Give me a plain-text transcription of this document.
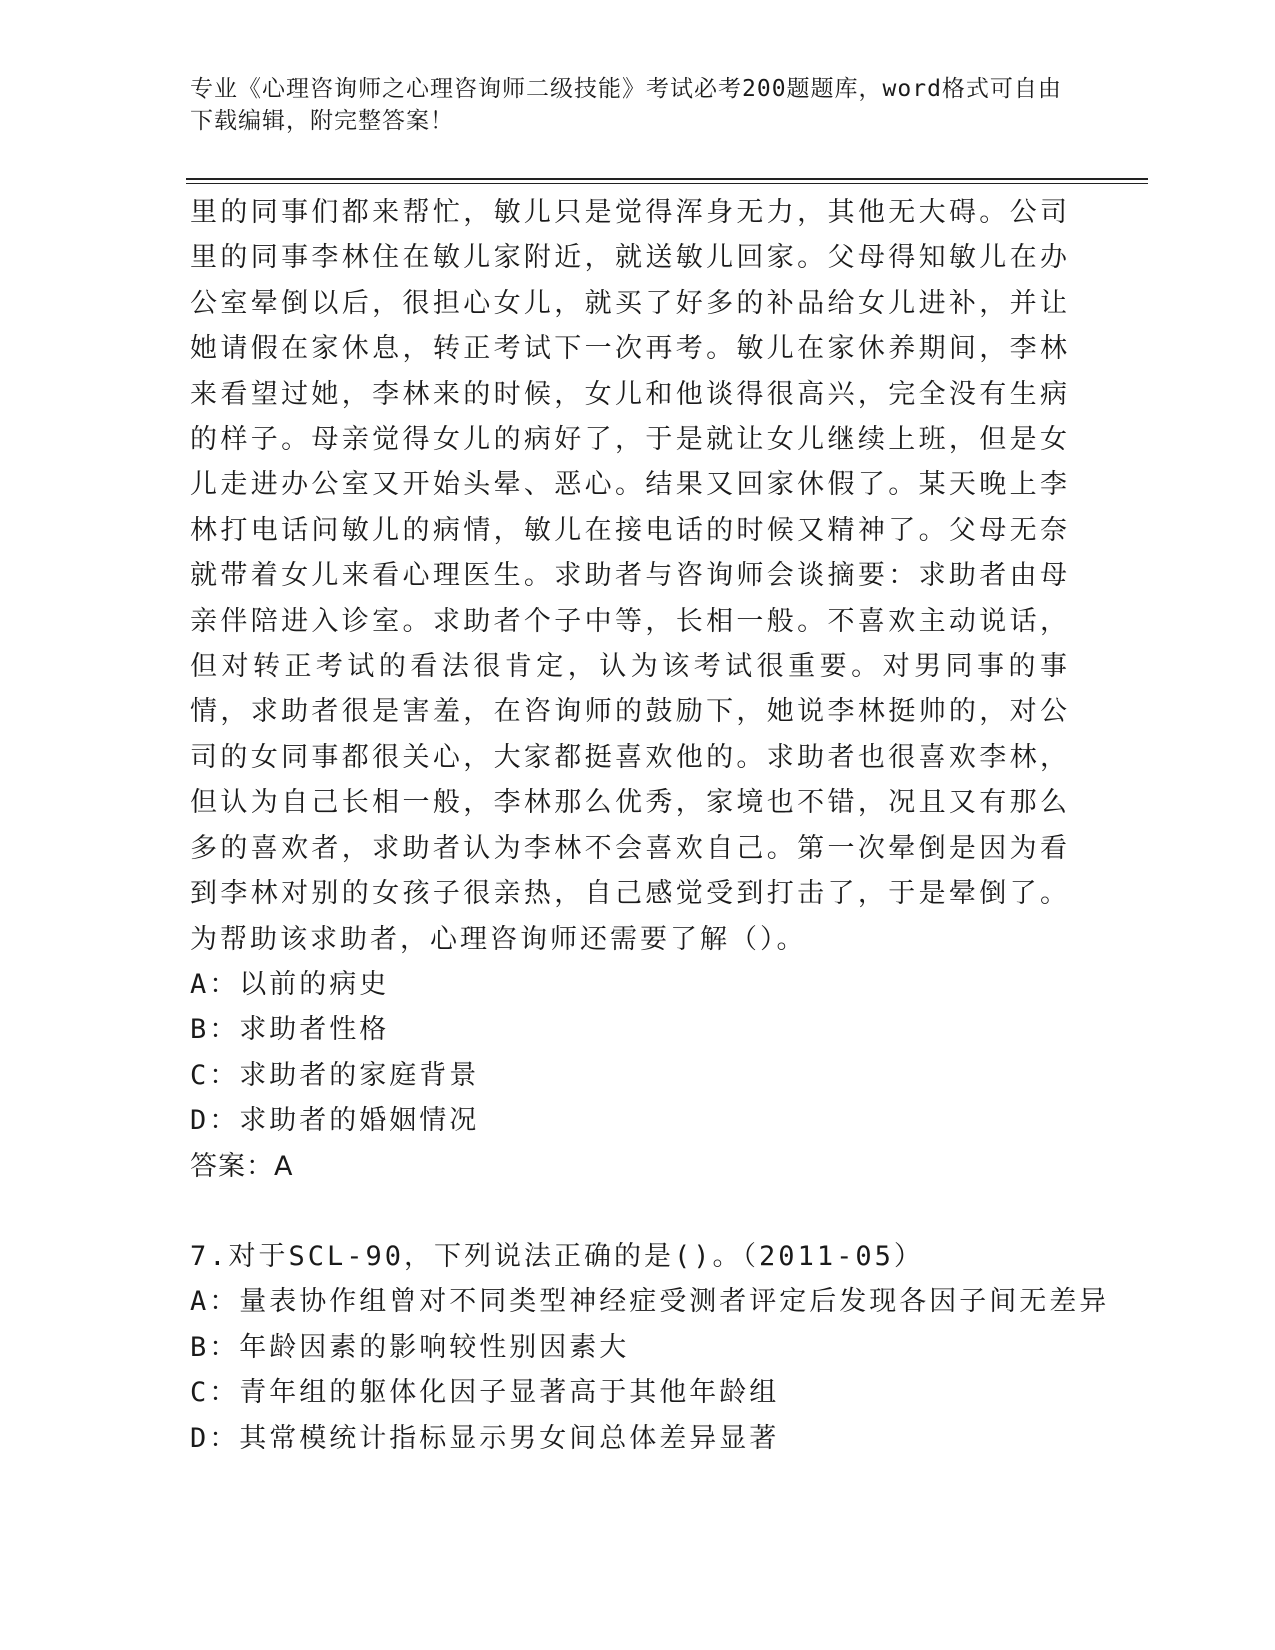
专业《心理咨询师之心理咨询师二级技能》考试必考200题题库，word格式可自由下载编辑，附完整答案！

里的同事们都来帮忙，敏儿只是觉得浑身无力，其他无大碍。公司里的同事李林住在敏儿家附近，就送敏儿回家。父母得知敏儿在办公室晕倒以后，很担心女儿，就买了好多的补品给女儿进补，并让她请假在家休息，转正考试下一次再考。敏儿在家休养期间，李林来看望过她，李林来的时候，女儿和他谈得很高兴，完全没有生病的样子。母亲觉得女儿的病好了，于是就让女儿继续上班，但是女儿走进办公室又开始头晕、恶心。结果又回家休假了。某天晚上李林打电话问敏儿的病情，敏儿在接电话的时候又精神了。父母无奈就带着女儿来看心理医生。求助者与咨询师会谈摘要：求助者由母亲伴陪进入诊室。求助者个子中等，长相一般。不喜欢主动说话，但对转正考试的看法很肯定，认为该考试很重要。对男同事的事情，求助者很是害羞，在咨询师的鼓励下，她说李林挺帅的，对公司的女同事都很关心，大家都挺喜欢他的。求助者也很喜欢李林，但认为自己长相一般，李林那么优秀，家境也不错，况且又有那么多的喜欢者，求助者认为李林不会喜欢自己。第一次晕倒是因为看到李林对别的女孩子很亲热，自己感觉受到打击了，于是晕倒了。为帮助该求助者，心理咨询师还需要了解（）。

A：以前的病史

B：求助者性格

C：求助者的家庭背景

D：求助者的婚姻情况

答案：A

7.对于SCL-90，下列说法正确的是()。（2011-05）

A：量表协作组曾对不同类型神经症受测者评定后发现各因子间无差异

B：年龄因素的影响较性别因素大

C：青年组的躯体化因子显著高于其他年龄组

D：其常模统计指标显示男女间总体差异显著
